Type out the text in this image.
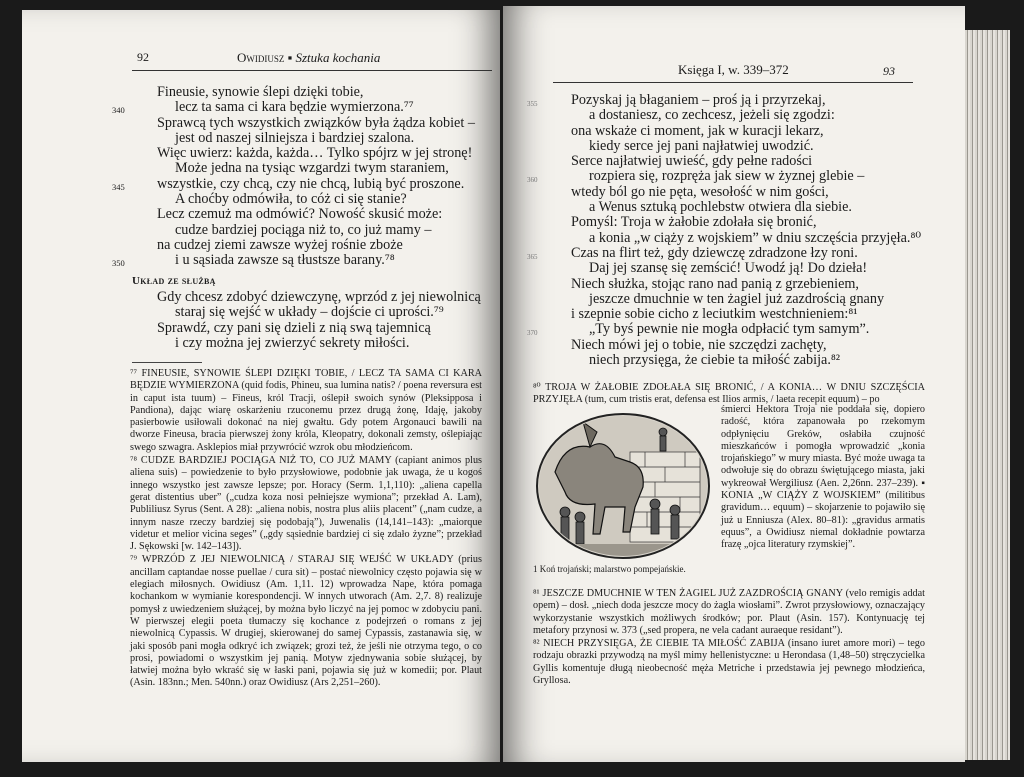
92	Owidiusz ▪ Sztuka kochania
Fineusie, synowie ślepi dzięki tobie,
340	lecz ta sama ci kara będzie wymierzona.⁷⁷
Sprawcą tych wszystkich związków była żądza kobiet –
jest od naszej silniejsza i bardziej szalona.
Więc uwierz: każda, każda… Tylko spójrz w jej stronę!
Może jedna na tysiąc wzgardzi twym staraniem,
345 wszystkie, czy chcą, czy nie chcą, lubią być proszone.
A choćby odmówiła, to cóż ci się stanie?
Lecz czemuż ma odmówić? Nowość skusić może:
cudze bardziej pociąga niż to, co już mamy –
na cudzej ziemi zawsze wyżej rośnie zboże
350	i u sąsiada zawsze są tłustsze barany.⁷⁸
Układ ze służbą
Gdy chcesz zdobyć dziewczynę, wprzód z jej niewolnicą
staraj się wejść w układy – dojście ci uprości.⁷⁹
Sprawdź, czy pani się dzieli z nią swą tajemnicą
i czy można jej zwierzyć sekrety miłości.

⁷⁷ FINEUSIE, SYNOWIE ŚLEPI DZIĘKI TOBIE, / LECZ TA SAMA CI KARA BĘDZIE WYMIERZONA (quid fodis, Phineu, sua lumina natis? / poena reversura est in caput ista tuum) – Fineus, król Tracji, oślepił swoich synów (Pleksipposa i Pandiona), dając wiarę oskarżeniu rzuconemu przez drugą żonę, Idaję, jakoby pasierbowie usiłowali dokonać na niej gwałtu. Gdy potem Argonauci bawili na dworze Fineusa, bracia pierwszej żony króla, Kleopatry, dokonali zemsty, oślepiając swego szwagra. Asklepios miał przywrócić wzrok obu młodzieńcom.

⁷⁸ CUDZE BARDZIEJ POCIĄGA NIŻ TO, CO JUŻ MAMY (capiant animos plus aliena suis) – powiedzenie to było przysłowiowe, podobnie jak uwaga, że u kogoś innego wszystko jest zawsze lepsze; por. Horacy (Serm. 1,1,110): „aliena capella gerat distentius uber” („cudza koza nosi pełniejsze wymiona”; przekład A. Lam), Publiliusz Syrus (Sent. A 28): „aliena nobis, nostra plus aliis placent” („nam cudze, a innym nasze rzeczy bardziej się podobają”), Juwenalis (14,141–143): „maiorque videtur et melior vicina seges” („gdy sąsiednie bardziej ci się zdało żyzne”; przekład J. Sękowski [w. 142–143]).

⁷⁹ WPRZÓD Z JEJ NIEWOLNICĄ / STARAJ SIĘ WEJŚĆ W UKŁADY (prius ancillam captandae nosse puellae / cura sit) – postać niewolnicy często pojawia się w elegiach miłosnych. Owidiusz (Am. 1,11. 12) wprowadza Nape, która pomaga kochankom w wymianie korespondencji. W innych utworach (Am. 2,7. 8) realizuje pomysł z uwiedzeniem służącej, by można było liczyć na jej pomoc w zdobyciu pani. W pierwszej elegii poeta tłumaczy się kochance z podejrzeń o romans z jej niewolnicą Cypassis. W drugiej, skierowanej do samej Cypassis, zastanawia się, w jaki sposób pani mogła odkryć ich związek; grozi też, że jeśli nie otrzyma tego, o co prosi, powiadomi o wszystkim jej panią. Motyw zjednywania sobie służącej, by łatwiej można było wkraść się w łaski pani, pojawia się już w komedii; por. Plaut (Asin. 183nn.; Men. 540nn.) oraz Owidiusz (Ars 2,251–260).

Księga I, w. 339–372	93
355 Pozyskaj ją błaganiem – proś ją i przyrzekaj,
a dostaniesz, co zechcesz, jeżeli się zgodzi:
ona wskaże ci moment, jak w kuracji lekarz,
kiedy serce jej pani najłatwiej uwodzić.
Serce najłatwiej uwieść, gdy pełne radości
360	rozpiera się, rozpręża jak siew w żyznej glebie –
wtedy ból go nie pęta, wesołość w nim gości,
a Wenus sztuką pochlebstw otwiera dla siebie.
Pomyśl: Troja w żałobie zdołała się bronić,
a konia „w ciąży z wojskiem” w dniu szczęścia przyjęła.⁸⁰
365 Czas na flirt też, gdy dziewczę zdradzone łzy roni.
Daj jej szansę się zemścić! Uwodź ją! Do dzieła!
Niech służka, stojąc rano nad panią z grzebieniem,
jeszcze dmuchnie w ten żagiel już zazdrością gnany
i szepnie sobie cicho z leciutkim westchnieniem:⁸¹
370	„Ty byś pewnie nie mogła odpłacić tym samym”.
Niech mówi jej o tobie, nie szczędzi zachęty,
niech przysięga, że ciebie ta miłość zabija.⁸²
⁸⁰ TROJA W ŻAŁOBIE ZDOŁAŁA SIĘ BRONIĆ, / A KONIA… W DNIU SZCZĘŚCIA PRZYJĘŁA (tum, cum tristis erat, defensa est Ilios armis, / laeta recepit equum) – po
1 Koń trojański; malarstwo pompejańskie.
śmierci Hektora Troja nie poddała się, dopiero radość, która zapanowała po rzekomym odpłynięciu Greków, osłabiła czujność mieszkańców i pomogła wprowadzić „konia trojańskiego” w mury miasta. Być może uwaga ta odwołuje się do obrazu świętującego miasta, jaki wykreował Wergiliusz (Aen. 2,26nn. 237–239). ▪ KONIA „W CIĄŻY Z WOJSKIEM” (militibus gravidum… equum) – skojarzenie to pojawiło się już u Enniusza (Alex. 80–81): „gravidus armatis equus”, a Owidiusz niemal dokładnie powtarza frazę „ojca literatury rzymskiej”.

⁸¹ JESZCZE DMUCHNIE W TEN ŻAGIEL JUŻ ZAZDROŚCIĄ GNANY (velo remigis addat opem) – dosł. „niech doda jeszcze mocy do żagla wiosłami”. Zwrot przysłowiowy, oznaczający wykorzystanie wszystkich możliwych środków; por. Plaut (Asin. 157). Kontynuację tej metafory przynosi w. 373 („sed propera, ne vela cadant auraeque residant”).

⁸² NIECH PRZYSIĘGA, ŻE CIEBIE TA MIŁOŚĆ ZABIJA (insano iuret amore mori) – tego rodzaju obrazki przywodzą na myśl mimy hellenistyczne: u Herondasa (1,48–50) stręczycielka Gyllis komentuje długą nieobecność męża Metriche i przedstawia jej pewnego młodzieńca, Gryllosa.
